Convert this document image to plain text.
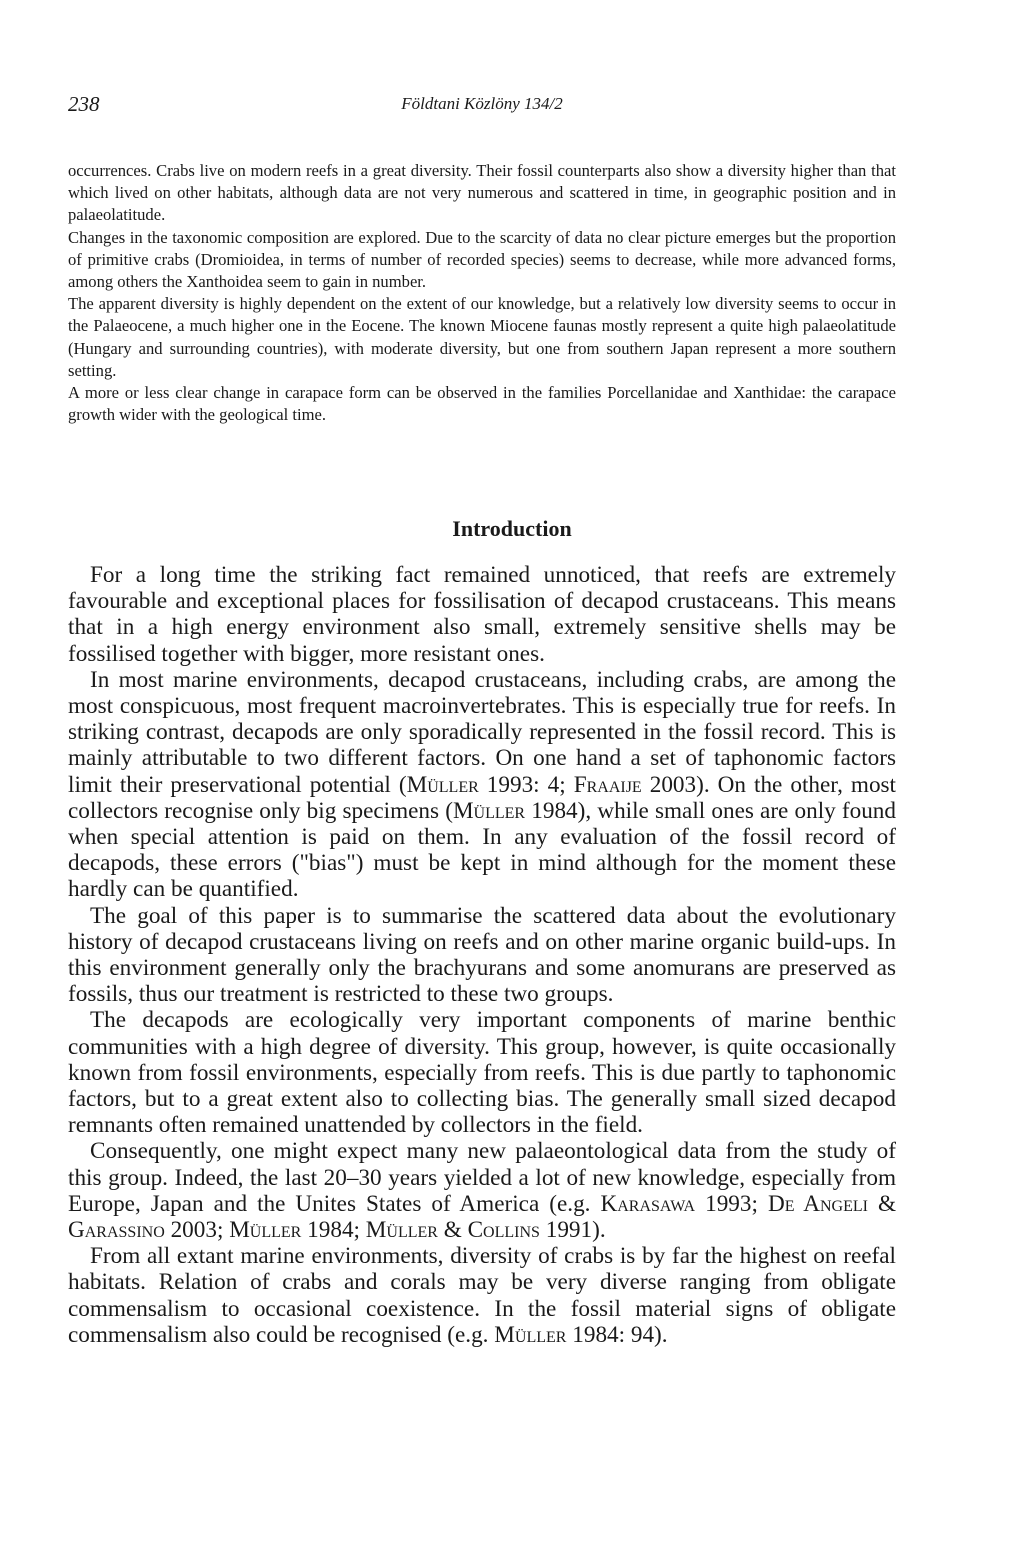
238	Földtani Közlöny 134/2

occurrences. Crabs live on modern reefs in a great diversity. Their fossil counterparts also show a diversity higher than that which lived on other habitats, although data are not very numerous and scattered in time, in geographic position and in palaeolatitude.

Changes in the taxonomic composition are explored. Due to the scarcity of data no clear picture emerges but the proportion of primitive crabs (Dromioidea, in terms of number of recorded species) seems to decrease, while more advanced forms, among others the Xanthoidea seem to gain in number.

The apparent diversity is highly dependent on the extent of our knowledge, but a relatively low diversity seems to occur in the Palaeocene, a much higher one in the Eocene. The known Miocene faunas mostly represent a quite high palaeolatitude (Hungary and surrounding countries), with moderate diversity, but one from southern Japan represent a more southern setting.

A more or less clear change in carapace form can be observed in the families Porcellanidae and Xanthidae: the carapace growth wider with the geological time.

Introduction

For a long time the striking fact remained unnoticed, that reefs are extremely favourable and exceptional places for fossilisation of decapod crustaceans. This means that in a high energy environment also small, extremely sensitive shells may be fossilised together with bigger, more resistant ones.

In most marine environments, decapod crustaceans, including crabs, are among the most conspicuous, most frequent macroinvertebrates. This is especially true for reefs. In striking contrast, decapods are only sporadically represented in the fossil record. This is mainly attributable to two different factors. On one hand a set of taphonomic factors limit their preservational potential (Müller 1993: 4; Fraaije 2003). On the other, most collectors recognise only big specimens (Müller 1984), while small ones are only found when special attention is paid on them. In any evaluation of the fossil record of decapods, these errors ("bias") must be kept in mind although for the moment these hardly can be quantified.

The goal of this paper is to summarise the scattered data about the evolutionary history of decapod crustaceans living on reefs and on other marine organic build-ups. In this environment generally only the brachyurans and some anomurans are preserved as fossils, thus our treatment is restricted to these two groups.

The decapods are ecologically very important components of marine benthic communities with a high degree of diversity. This group, however, is quite occasionally known from fossil environments, especially from reefs. This is due partly to taphonomic factors, but to a great extent also to collecting bias. The generally small sized decapod remnants often remained unattended by collectors in the field.

Consequently, one might expect many new palaeontological data from the study of this group. Indeed, the last 20–30 years yielded a lot of new knowledge, especially from Europe, Japan and the Unites States of America (e.g. Karasawa 1993; De Angeli & Garassino 2003; Müller 1984; Müller & Collins 1991).

From all extant marine environments, diversity of crabs is by far the highest on reefal habitats. Relation of crabs and corals may be very diverse ranging from obligate commensalism to occasional coexistence. In the fossil material signs of obligate commensalism also could be recognised (e.g. Müller 1984: 94).
